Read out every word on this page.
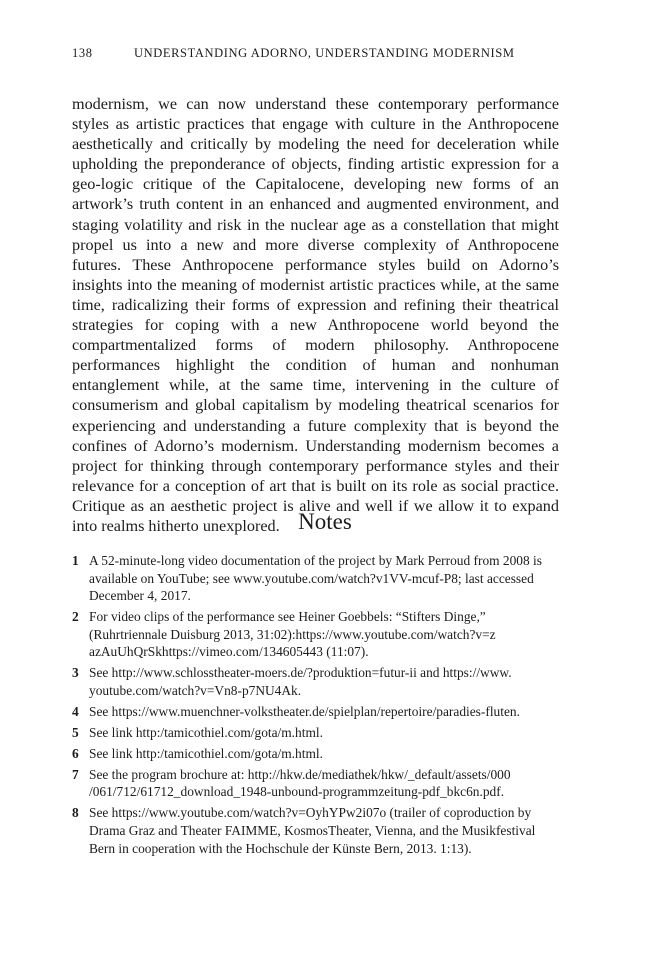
138	UNDERSTANDING ADORNO, UNDERSTANDING MODERNISM

modernism, we can now understand these contemporary performance styles as artistic practices that engage with culture in the Anthropocene aesthetically and critically by modeling the need for deceleration while upholding the preponderance of objects, finding artistic expression for a geo-logic critique of the Capitalocene, developing new forms of an artwork’s truth content in an enhanced and augmented environment, and staging volatility and risk in the nuclear age as a constellation that might propel us into a new and more diverse complexity of Anthropocene futures. These Anthropocene performance styles build on Adorno’s insights into the meaning of modernist artistic practices while, at the same time, radicalizing their forms of expression and refining their theatrical strategies for coping with a new Anthropocene world beyond the compartmentalized forms of modern philosophy. Anthropocene performances highlight the condition of human and nonhuman entanglement while, at the same time, intervening in the culture of consumerism and global capitalism by modeling theatrical scenarios for experiencing and understanding a future complexity that is beyond the confines of Adorno’s modernism. Understanding modernism becomes a project for thinking through contemporary performance styles and their relevance for a conception of art that is built on its role as social practice. Critique as an aesthetic project is alive and well if we allow it to expand into realms hitherto unexplored. Notes
1 A 52-minute-long video documentation of the project by Mark Perroud from 2008 is available on YouTube; see www.youtube.com/watch?v1VV-mcuf-P8; last accessed December 4, 2017.
2 For video clips of the performance see Heiner Goebbels: “Stifters Dinge,” (Ruhrtriennale Duisburg 2013, 31:02):https://www.youtube.com/watch?v=z azAuUhQrSkhttps://vimeo.com/134605443 (11:07).
3 See http://www.schlosstheater-moers.de/?produktion=futur-ii and https://www. youtube.com/watch?v=Vn8-p7NU4Ak.
4 See https://www.muenchner-volkstheater.de/spielplan/repertoire/paradies-fluten.
5 See link http:/tamicothiel.com/gota/m.html.
6 See link http:/tamicothiel.com/gota/m.html.
7 See the program brochure at: http://hkw.de/mediathek/hkw/_default/assets/000 /061/712/61712_download_1948-unbound-programmzeitung-pdf_bkc6n.pdf.
8 See https://www.youtube.com/watch?v=OyhYPw2i07o (trailer of coproduction by Drama Graz and Theater FAIMME, KosmosTheater, Vienna, and the Musikfestival Bern in cooperation with the Hochschule der Künste Bern, 2013. 1:13).
